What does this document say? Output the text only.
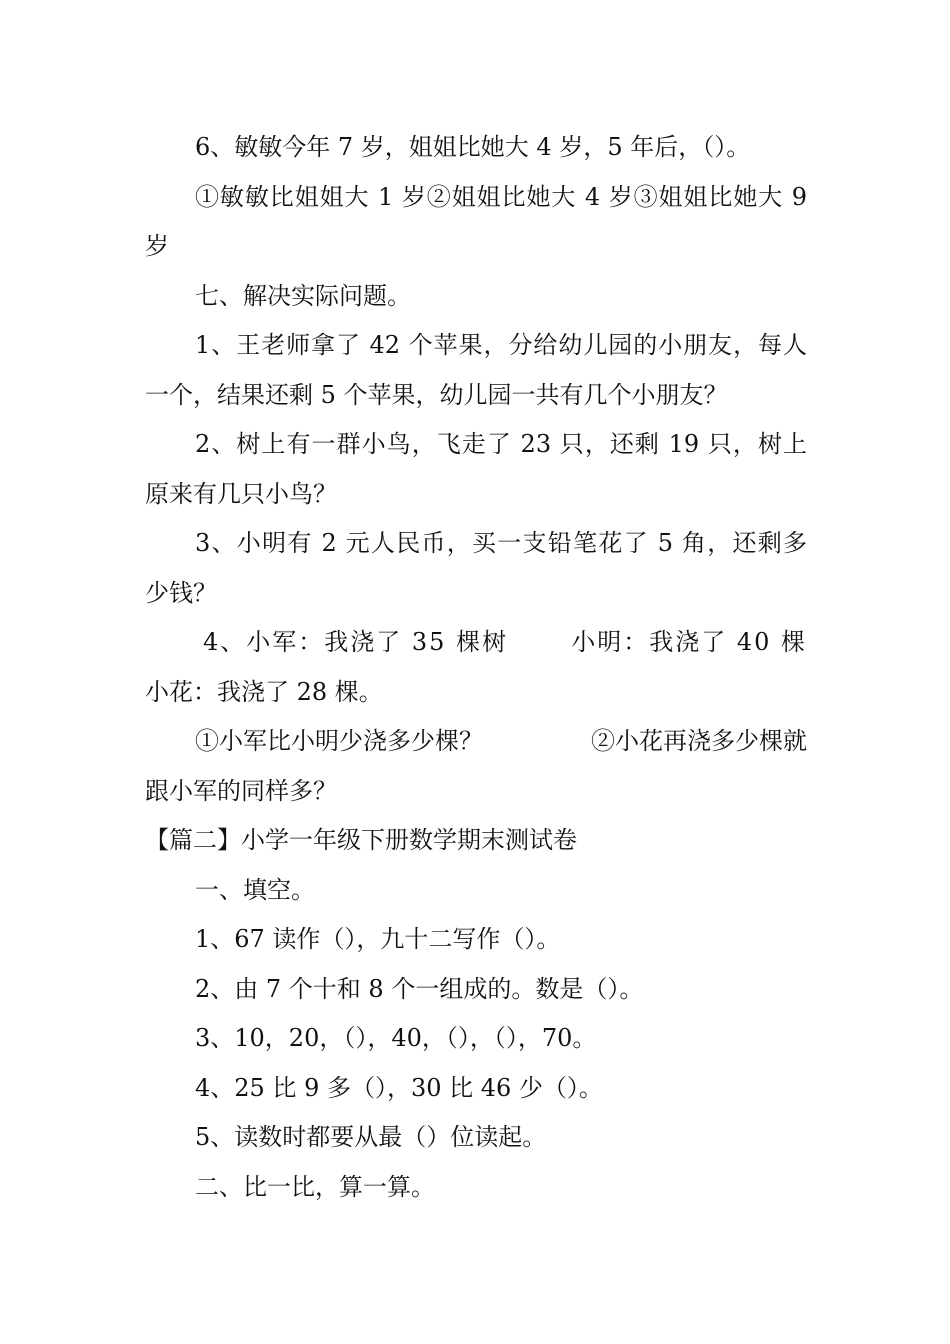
6、敏敏今年 7 岁，姐姐比她大 4 岁，5 年后，（）。
①敏敏比姐姐大 1 岁②姐姐比她大 4 岁③姐姐比她大 9
岁
七、解决实际问题。
1、王老师拿了 42 个苹果，分给幼儿园的小朋友，每人
一个，结果还剩 5 个苹果，幼儿园一共有几个小朋友？
2、树上有一群小鸟，飞走了 23 只，还剩 19 只，树上
原来有几只小鸟？
3、小明有 2 元人民币，买一支铅笔花了 5 角，还剩多
少钱？
4、小军：我浇了 35 棵树	小明：我浇了 40 棵
小花：我浇了 28 棵。
①小军比小明少浇多少棵？	②小花再浇多少棵就
跟小军的同样多？
【篇二】小学一年级下册数学期末测试卷
一、填空。
1、67 读作（），九十二写作（）。
2、由 7 个十和 8 个一组成的。数是（）。
3、10，20，（），40，（），（），70。
4、25 比 9 多（），30 比 46 少（）。
5、读数时都要从最（）位读起。
二、比一比，算一算。
